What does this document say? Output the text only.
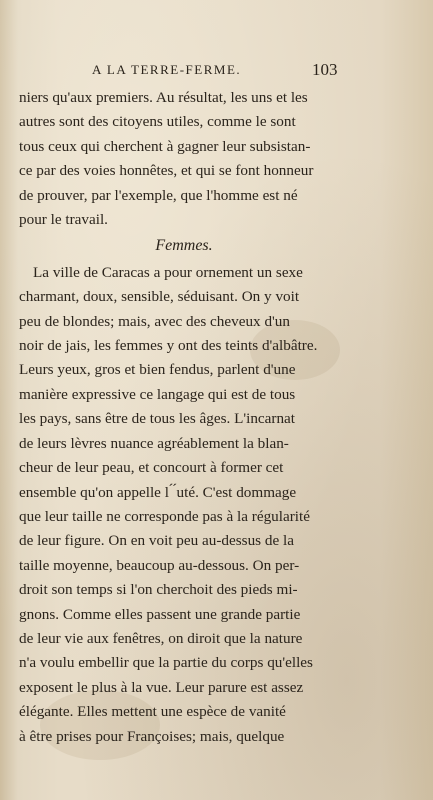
A LA TERRE-FERME.	103
niers qu'aux premiers. Au résultat, les uns et les
autres sont des citoyens utiles, comme le sont
tous ceux qui cherchent à gagner leur subsistan-
ce par des voies honnêtes, et qui se font honneur
de prouver, par l'exemple, que l'homme est né
pour le travail.
Femmes.
La ville de Caracas a pour ornement un sexe
charmant, doux, sensible, séduisant. On y voit
peu de blondes; mais, avec des cheveux d'un
noir de jais, les femmes y ont des teints d'albâtre.
Leurs yeux, gros et bien fendus, parlent d'une
manière expressive ce langage qui est de tous
les pays, sans être de tous les âges. L'incarnat
de leurs lèvres nuance agréablement la blan-
cheur de leur peau, et concourt à former cet
ensemble qu'on appelle l ́ ́uté. C'est dommage
que leur taille ne corresponde pas à la régularité
de leur figure. On en voit peu au-dessus de la
taille moyenne, beaucoup au-dessous. On per-
droit son temps si l'on cherchoit des pieds mi-
gnons. Comme elles passent une grande partie
de leur vie aux fenêtres, on diroit que la nature
n'a voulu embellir que la partie du corps qu'elles
exposent le plus à la vue. Leur parure est assez
élégante. Elles mettent une espèce de vanité
à être prises pour Françoises; mais, quelque
